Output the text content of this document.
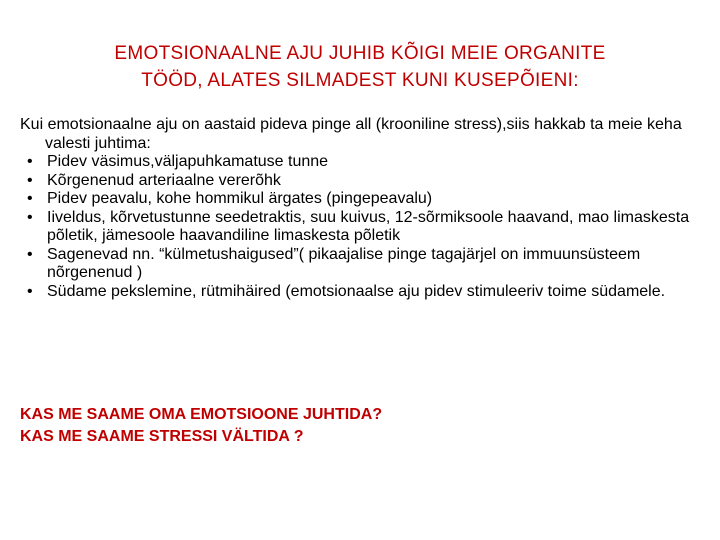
EMOTSIONAALNE AJU JUHIB KÕIGI MEIE ORGANITE
TÖÖD, ALATES SILMADEST KUNI KUSEPÕIENI:
Kui emotsionaalne aju on aastaid pideva pinge all (krooniline stress),siis hakkab ta meie keha valesti juhtima:
• Pidev väsimus,väljapuhkamatuse tunne
• Kõrgenenud arteriaalne vererõhk
• Pidev peavalu, kohe hommikul ärgates (pingepeavalu)
• Iiveldus, kõrvetustunne seedetraktis, suu kuivus, 12-sõrmiksoole haavand, mao limaskesta põletik, jämesoole haavandiline limaskesta põletik
• Sagenevad nn. “külmetushaigused”( pikaajalise pinge tagajärjel on immuunsüsteem nõrgenenud )
• Südame pekslemine, rütmihäired (emotsionaalse aju pidev stimuleeriv toime südamele.
KAS ME SAAME OMA EMOTSIOONE JUHTIDA?
KAS ME SAAME STRESSI VÄLTIDA ?
